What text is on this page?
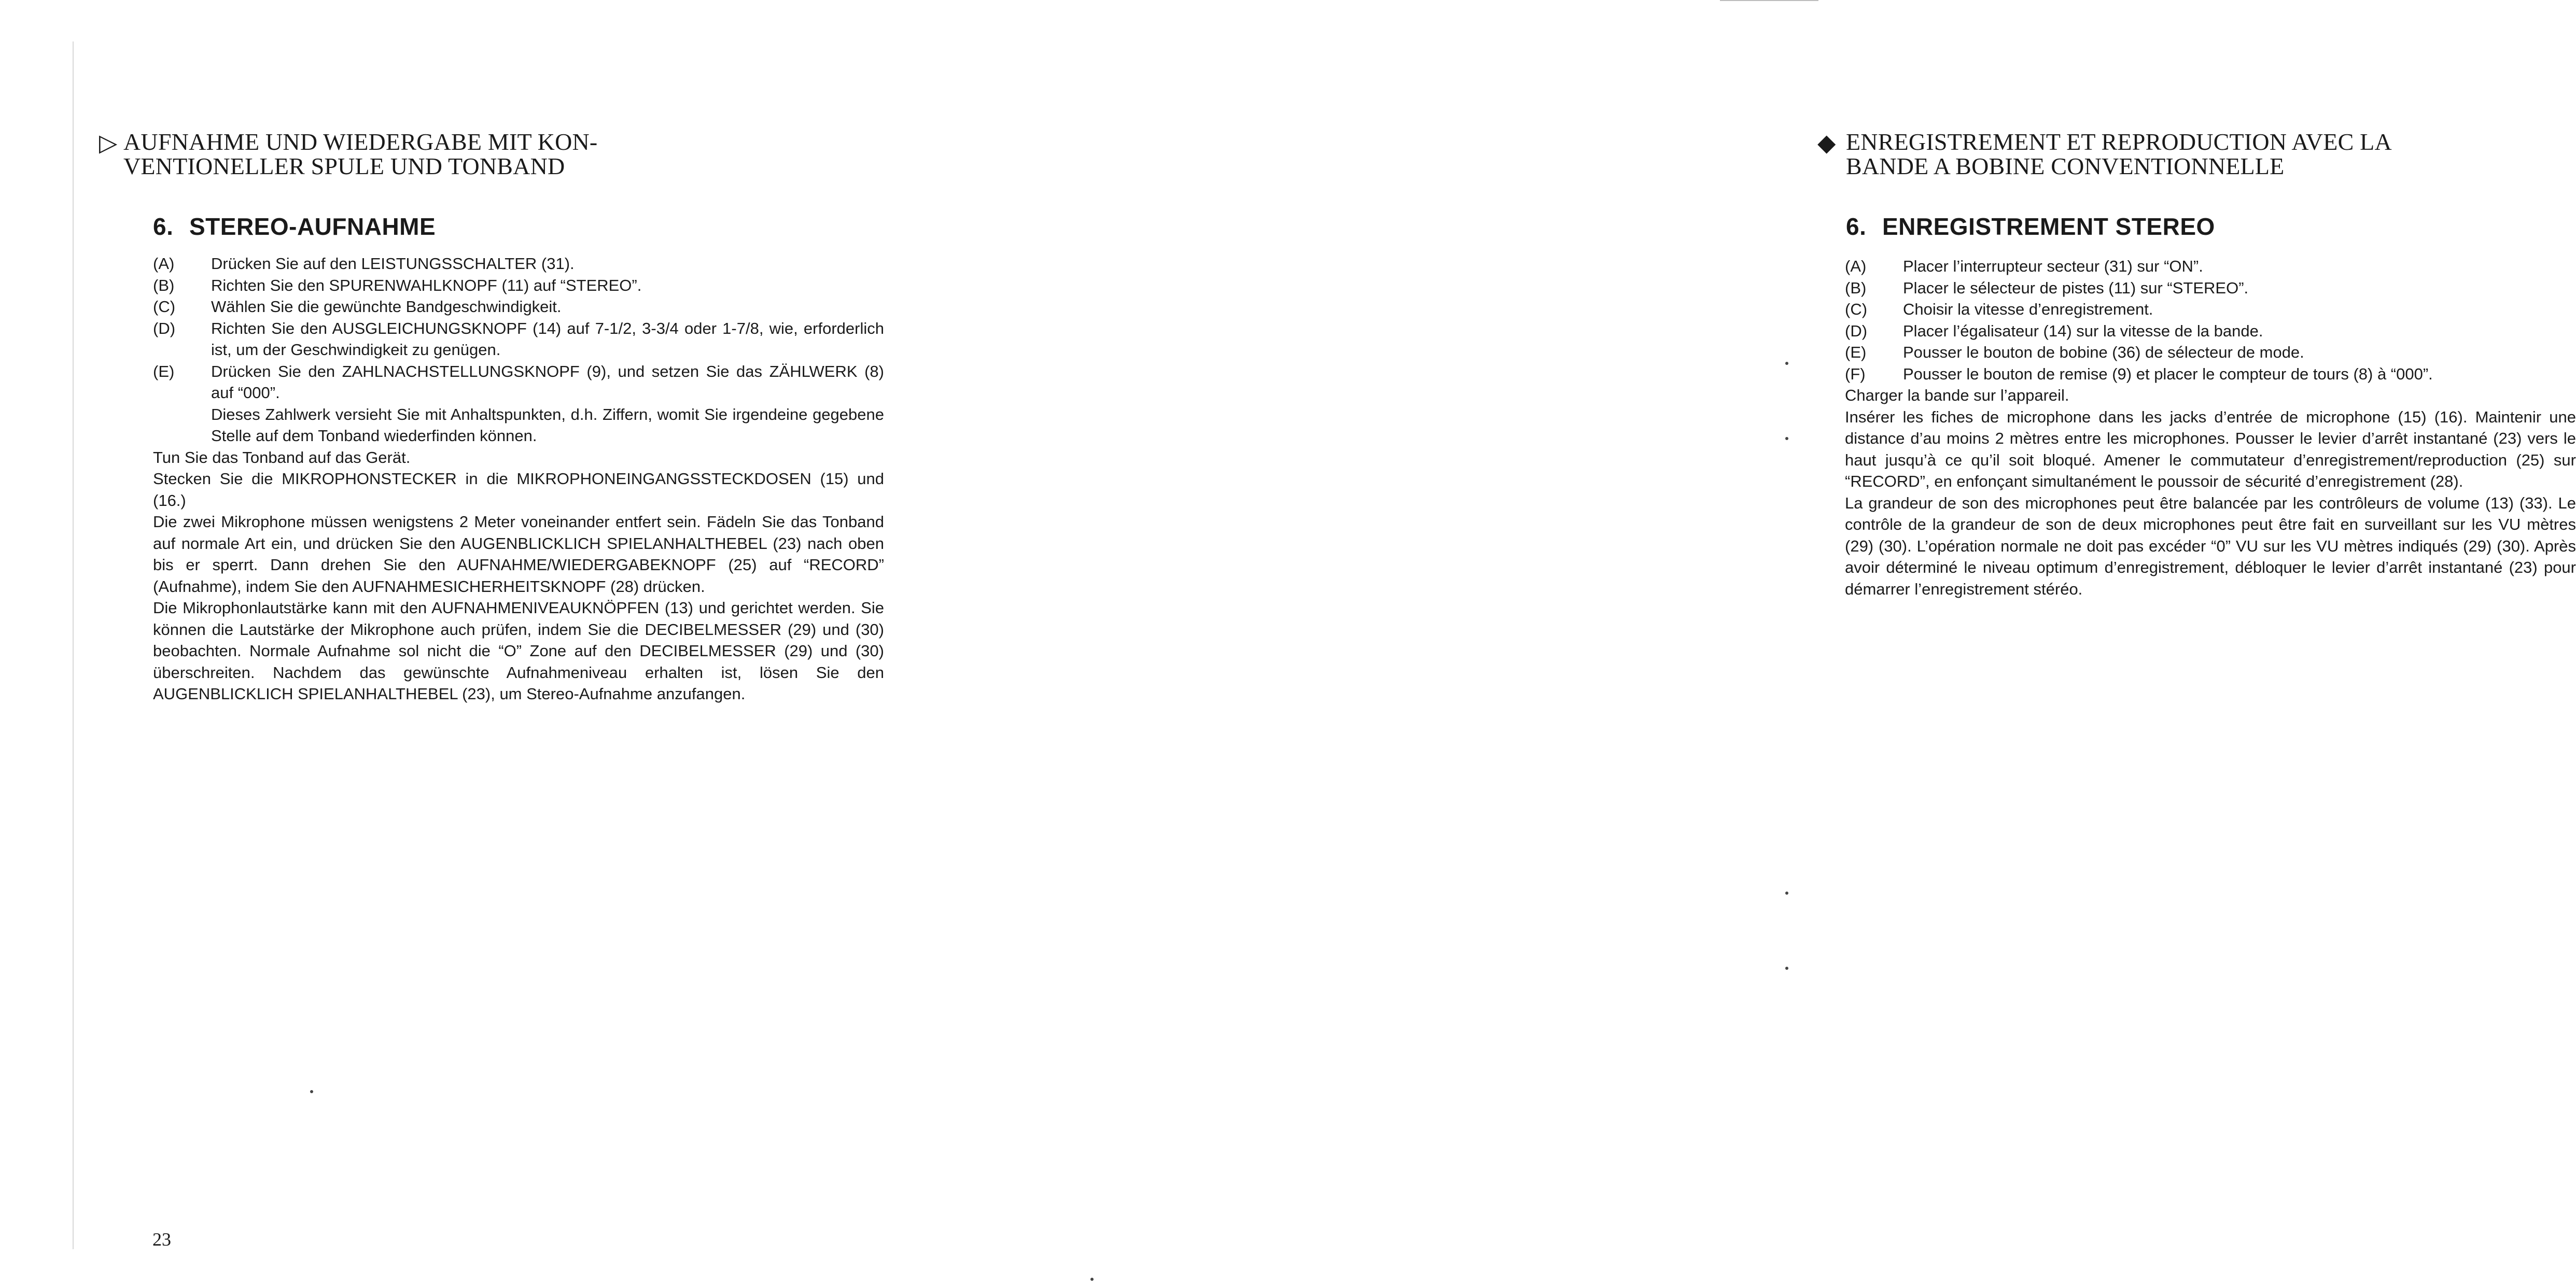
▷ AUFNAHME UND WIEDERGABE MIT KON-
VENTIONELLER SPULE UND TONBAND
6. STEREO-AUFNAHME
(A) Drücken Sie auf den LEISTUNGSSCHALTER (31).
(B) Richten Sie den SPURENWAHLKNOPF (11) auf “STEREO”.
(C) Wählen Sie die gewünchte Bandgeschwindigkeit.
(D) Richten Sie den AUSGLEICHUNGSKNOPF (14) auf 7-1/2, 3-3/4 oder 1-7/8, wie, erforderlich ist, um der Geschwindigkeit zu genügen.
(E) Drücken Sie den ZAHLNACHSTELLUNGSKNOPF (9), und setzen Sie das ZÄHLWERK (8) auf “000”.
Dieses Zahlwerk versieht Sie mit Anhaltspunkten, d.h. Ziffern, womit Sie irgendeine gegebene Stelle auf dem Tonband wiederfinden können.
Tun Sie das Tonband auf das Gerät.
Stecken Sie die MIKROPHONSTECKER in die MIKROPHONEINGANGSSTECKDOSEN (15) und (16.)
Die zwei Mikrophone müssen wenigstens 2 Meter voneinander entfert sein. Fädeln Sie das Tonband auf normale Art ein, und drücken Sie den AUGENBLICKLICH SPIELANHALTHEBEL (23) nach oben bis er sperrt. Dann drehen Sie den AUFNAHME/WIEDERGABEKNOPF (25) auf “RECORD” (Aufnahme), indem Sie den AUFNAHMESICHERHEITSKNOPF (28) drücken.
Die Mikrophonlautstärke kann mit den AUFNAHMENIVEAUKNÖPFEN (13) und gerichtet werden. Sie können die Lautstärke der Mikrophone auch prüfen, indem Sie die DECIBELMESSER (29) und (30) beobachten. Normale Aufnahme sol nicht die “O” Zone auf den DECIBELMESSER (29) und (30) überschreiten. Nachdem das gewünschte Aufnahmeniveau erhalten ist, lösen Sie den AUGENBLICKLICH SPIELANHALTHEBEL (23), um Stereo-Aufnahme anzufangen.
◆ ENREGISTREMENT ET REPRODUCTION AVEC LA
BANDE A BOBINE CONVENTIONNELLE
6. ENREGISTREMENT STEREO
(A) Placer l’interrupteur secteur (31) sur “ON”.
(B) Placer le sélecteur de pistes (11) sur “STEREO”.
(C) Choisir la vitesse d’enregistrement.
(D) Placer l’égalisateur (14) sur la vitesse de la bande.
(E) Pousser le bouton de bobine (36) de sélecteur de mode.
(F) Pousser le bouton de remise (9) et placer le compteur de tours (8) à “000”.
Charger la bande sur l’appareil.
Insérer les fiches de microphone dans les jacks d’entrée de microphone (15) (16). Maintenir une distance d’au moins 2 mètres entre les microphones. Pousser le levier d’arrêt instantané (23) vers le haut jusqu’à ce qu’il soit bloqué. Amener le commutateur d’enregistrement/reproduction (25) sur “RECORD”, en enfonçant simultanément le poussoir de sécurité d’enregistrement (28).
La grandeur de son des microphones peut être balancée par les contrôleurs de volume (13) (33). Le contrôle de la grandeur de son de deux microphones peut être fait en surveillant sur les VU mètres (29) (30). L’opération normale ne doit pas excéder “0” VU sur les VU mètres indiqués (29) (30). Après avoir déterminé le niveau optimum d’enregistrement, débloquer le levier d’arrêt instantané (23) pour démarrer l’enregistrement stéréo.
23
